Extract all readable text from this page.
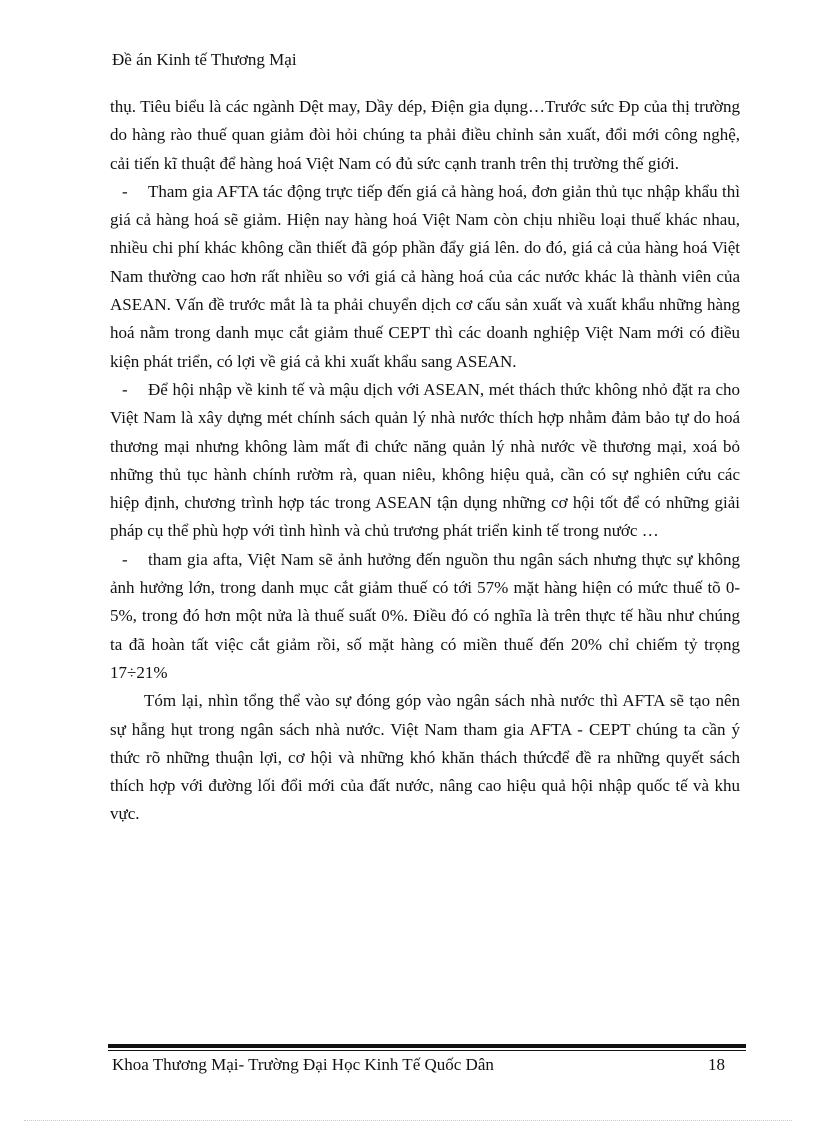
Đề án Kinh tế Thương Mại

thụ. Tiêu biểu là các ngành Dệt may, Dầy dép, Điện gia dụng…Trước sức Ðp của thị trường do hàng rào thuế quan giảm đòi hỏi chúng ta phải điều chỉnh sản xuất, đổi mới công nghệ, cải tiến kĩ thuật để hàng hoá Việt Nam có đủ sức cạnh tranh trên thị trường thế giới.

- Tham gia AFTA tác động trực tiếp đến giá cả hàng hoá, đơn giản thủ tục nhập khẩu thì giá cả hàng hoá sẽ giảm. Hiện nay hàng hoá Việt Nam còn chịu nhiều loại thuế khác nhau, nhiều chi phí khác không cần thiết đã góp phần đẩy giá lên. do đó, giá cả của hàng hoá Việt Nam thường cao hơn rất nhiều so với giá cả hàng hoá của các nước khác là thành viên của ASEAN. Vấn đề trước mắt là ta phải chuyển dịch cơ cấu sản xuất và xuất khẩu những hàng hoá nằm trong danh mục cắt giảm thuế CEPT thì các doanh nghiệp Việt Nam mới có điều kiện phát triển, có lợi về giá cả khi xuất khẩu sang ASEAN.

- Để hội nhập về kinh tế và mậu dịch với ASEAN, mét thách thức không nhỏ đặt ra cho Việt Nam là xây dựng mét chính sách quản lý nhà nước thích hợp nhằm đảm bảo tự do hoá thương mại nhưng không làm mất đi chức năng quản lý nhà nước về thương mại, xoá bỏ những thủ tục hành chính rườm rà, quan niêu, không hiệu quả, cần có sự nghiên cứu các hiệp định, chương trình hợp tác trong ASEAN tận dụng những cơ hội tốt để có những giải pháp cụ thể phù hợp với tình hình và chủ trương phát triển kinh tế trong nước …

- tham gia afta, Việt Nam sẽ ảnh hưởng đến nguồn thu ngân sách nhưng thực sự không ảnh hưởng lớn, trong danh mục cắt giảm thuế có tới 57% mặt hàng hiện có mức thuế tõ 0-5%, trong đó hơn một nửa là thuế suất 0%. Điều đó có nghĩa là trên thực tế hầu như chúng ta đã hoàn tất việc cắt giảm rồi, số mặt hàng có miền thuế đến 20% chỉ chiếm tỷ trọng 17÷21%

Tóm lại, nhìn tổng thể vào sự đóng góp vào ngân sách nhà nước thì AFTA sẽ tạo nên sự hẫng hụt trong ngân sách nhà nước. Việt Nam tham gia AFTA - CEPT chúng ta cần ý thức rõ những thuận lợi, cơ hội và những khó khăn thách thứcđể đề ra những quyết sách thích hợp với đường lối đổi mới của đất nước, nâng cao hiệu quả hội nhập quốc tế và khu vực.

Khoa Thương Mại- Trường Đại Học Kinh Tế Quốc Dân	18
